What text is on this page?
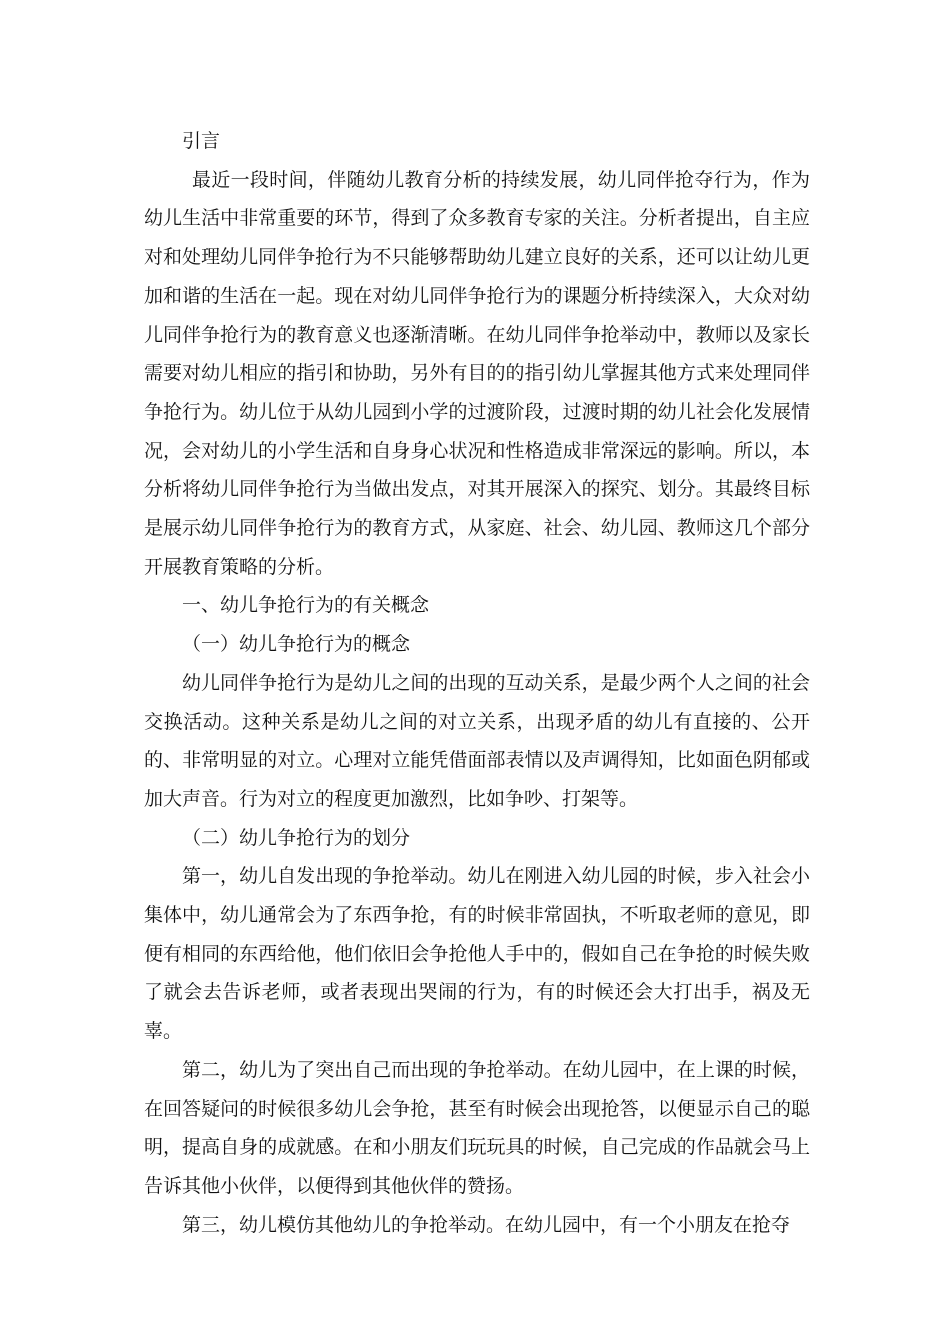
引言

最近一段时间，伴随幼儿教育分析的持续发展，幼儿同伴抢夺行为，作为幼儿生活中非常重要的环节，得到了众多教育专家的关注。分析者提出，自主应对和处理幼儿同伴争抢行为不只能够帮助幼儿建立良好的关系，还可以让幼儿更加和谐的生活在一起。现在对幼儿同伴争抢行为的课题分析持续深入，大众对幼儿同伴争抢行为的教育意义也逐渐清晰。在幼儿同伴争抢举动中，教师以及家长需要对幼儿相应的指引和协助，另外有目的的指引幼儿掌握其他方式来处理同伴争抢行为。幼儿位于从幼儿园到小学的过渡阶段，过渡时期的幼儿社会化发展情况，会对幼儿的小学生活和自身身心状况和性格造成非常深远的影响。所以，本分析将幼儿同伴争抢行为当做出发点，对其开展深入的探究、划分。其最终目标是展示幼儿同伴争抢行为的教育方式，从家庭、社会、幼儿园、教师这几个部分开展教育策略的分析。

一、幼儿争抢行为的有关概念

（一）幼儿争抢行为的概念

幼儿同伴争抢行为是幼儿之间的出现的互动关系，是最少两个人之间的社会交换活动。这种关系是幼儿之间的对立关系，出现矛盾的幼儿有直接的、公开的、非常明显的对立。心理对立能凭借面部表情以及声调得知，比如面色阴郁或加大声音。行为对立的程度更加激烈，比如争吵、打架等。

（二）幼儿争抢行为的划分

第一，幼儿自发出现的争抢举动。幼儿在刚进入幼儿园的时候，步入社会小集体中，幼儿通常会为了东西争抢，有的时候非常固执，不听取老师的意见，即便有相同的东西给他，他们依旧会争抢他人手中的，假如自己在争抢的时候失败了就会去告诉老师，或者表现出哭闹的行为，有的时候还会大打出手，祸及无辜。

第二，幼儿为了突出自己而出现的争抢举动。在幼儿园中，在上课的时候，在回答疑问的时候很多幼儿会争抢，甚至有时候会出现抢答，以便显示自己的聪明，提高自身的成就感。在和小朋友们玩玩具的时候，自己完成的作品就会马上告诉其他小伙伴，以便得到其他伙伴的赞扬。

第三，幼儿模仿其他幼儿的争抢举动。在幼儿园中，有一个小朋友在抢夺
